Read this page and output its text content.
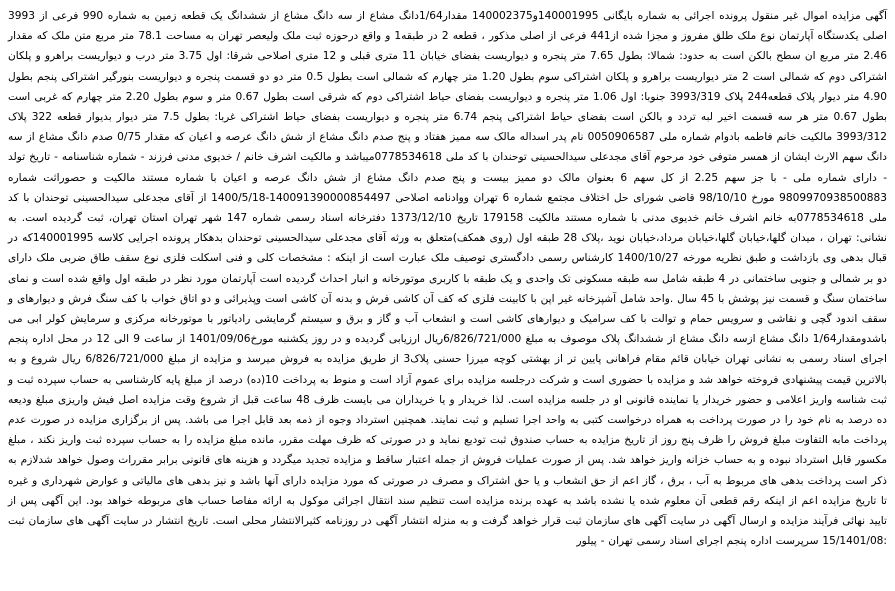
آگهی مزایده اموال غیر منقول پرونده اجرائی به شماره بایگانی 140001995و140002375 مقدار1/64دانگ مشاع از سه دانگ مشاع از ششدانگ یک قطعه زمین به شماره 990 فرعی از 3993 اصلی یکدستگاه آپارتمان نوع ملک طلق مفروز و مجزا شده از441 فرعی از اصلی مذکور ، قطعه 2 در طبقه1 و واقع درحوزه ثبت ملک ولیعصر تهران به مساحت 78.1 متر مربع متن ملک که مقدار 2.46 متر مربع ان سطح بالکن است به حدود: شمالا: بطول 7.65 متر پنجره و دیواریست بفضای خیابان 11 متری قبلی و 12 متری اصلاحی شرقا: اول 3.75 متر درب و دیواریست براهرو و پلکان اشتراکی دوم که شمالی است 2 متر دیواریست براهرو و پلکان اشتراکی سوم بطول 1.20 متر چهارم که شمالی است بطول 0.5 متر دو دو قسمت پنجره و دیواریست بنورگیر اشتراکی پنجم بطول 4.90 متر دیوار پلاک قطعه244 پلاک 3993/319 جنوبا: اول 1.06 متر پنجره و دیواریست بفضای حیاط اشتراکی دوم که شرقی است بطول 0.67 متر و سوم بطول 2.20 متر چهارم که غربی است بطول 0.67 متر هر سه قسمت اخیر لبه تردد و بالکن است بفضای حیاط اشتراکی پنجم 6.74 متر پنجره و دیواریست بفضای حیاط اشتراکی غربا: بطول 7.5 متر دیوار بدیوار قطعه 322 پلاک 3993/312 مالکیت خانم فاطمه بادوام شماره ملی 0050906587 نام پدر اسداله مالک سه ممیز هفتاد و پنج صدم دانگ مشاع از شش دانگ عرصه و اعیان که مقدار 0/75 صدم دانگ مشاع از سه دانگ سهم الارث ایشان از همسر متوفی خود مرحوم آقای مجدعلی سیدالحسینی توحندان با کد ملی 0778534618میباشد و مالکیت اشرف خانم / خدیوی مدنی فرزند - شماره شناسنامه - تاریخ تولد - دارای شماره ملی - با جز سهم 2.25 از کل سهم 6 بعنوان مالک دو ممیز بیست و پنج صدم دانگ مشاع از شش دانگ عرصه و اعیان با شماره مستند مالکیت و حصوراثت شماره 9809970938500883 مورخ 98/10/10 قاضی شورای حل اختلاف مجتمع شماره 6 تهران ووادنامه اصلاحی 140091390000854497-1400/5/18 از آقای مجدعلی سیدالحسینی توحندان با کد ملی 0778534618به خانم اشرف خانم خدیوی مدنی با شماره مستند مالکیت 179158 تاریخ 1373/12/10 دفترخانه اسناد رسمی شماره 147 شهر تهران استان تهران، ثبت گردیده است. به نشانی: تهران ، میدان گلها،خیابان گلها،خیابان مرداد،خیابان نوید ،پلاک 28 طبقه اول (روی همکف)متعلق به ورثه آقای مجدعلی سیدالحسینی توحندان بدهکار پرونده اجرایی کلاسه 140001995که در قبال بدهی وی بازداشت و طبق نظریه مورخه 1400/10/27 کارشناس رسمی دادگستری توصیف ملک عبارت است از اینکه : مشخصات کلی و فنی اسکلت فلزی نوع سقف طاق ضربی ملک دارای دو بر شمالی و جنوبی ساختمانی در 4 طبقه شامل سه طبقه مسکونی تک واحدی و یک طبقه با کاربری موتورخانه و انبار احداث گردیده است آپارتمان مورد نظر در طبقه اول واقع شده است و نمای ساختمان سنگ و قسمت نیز پوشش با 45 سال .واحد شامل آشپزخانه غیر اپن با کابینت فلزی که کف آن کاشی فرش و بدنه آن کاشی است وپذیرائی و دو اتاق خواب با کف سنگ فرش و دیوارهای و سقف اندود گچی و نقاشی و سرویس حمام و توالت با کف سرامیک و دیوارهای کاشی است و انشعاب آب و گاز و برق و سیستم گرمایشی رادیاتور با موتورخانه مرکزی و سرمایش کولر ابی می باشدومقدار1/64 دانگ مشاع ازسه دانگ مشاع از ششدانگ پلاک موصوف به مبلغ 6/826/721/000ریال ارزیابی گردیده و در روز یکشنبه مورخ1401/09/06 از ساعت 9 الی 12 در محل اداره پنجم اجرای اسناد رسمی به نشانی تهران خیابان قائم مقام فراهانی پایین تر از بهشتی کوچه میرزا حسنی پلاک3 از طریق مزایده به فروش میرسد و مزایده از مبلغ 6/826/721/000 ریال شروع و به بالاترین قیمت پیشنهادی فروخته خواهد شد و مزایده با حضوری است و شرکت درجلسه مزایده برای عموم آزاد است و منوط به پرداخت 10(ده) درصد از مبلغ پایه کارشناسی به حساب سپرده ثبت و ثبت شناسه واریز اعلامی و حضور خریدار یا نماینده قانونی او در جلسه مزایده است. لذا خریدار و یا خریداران می بایست ظرف 48 ساعت قبل از شروع وقت مزایده اصل فیش واریزی مبلغ ودیعه ده درصد به نام خود را در صورت پرداخت به همراه درخواست کتبی به واحد اجرا تسلیم و ثبت نمایند. همچنین استرداد وجوه از ذمه بعد قابل اجرا می باشد. پس از برگزاری مزایده در صورت عدم پرداخت مابه التفاوت مبلغ فروش را ظرف پنج روز از تاریخ مزایده به حساب صندوق ثبت تودیع نماید و در صورتی که ظرف مهلت مقرر، مانده مبلغ مزایده را به حساب سپرده ثبت واریز نکند ، مبلغ مکسور قابل استرداد نبوده و به حساب خزانه واریز خواهد شد. پس از صورت عملیات فروش از جمله اعتبار ساقط و مزایده تجدید میگردد و هزینه های قانونی برابر مقررات وصول خواهد شدلازم به ذکر است پرداخت بدهی های مربوط به آب ، برق ، گاز اعم از حق انشعاب و یا حق اشتراک و مصرف در صورتی که مورد مزایده دارای آنها باشد و نیز بدهی های مالیاتی و عوارض شهرداری و غیره تا تاریخ مزایده اعم از اینکه رقم قطعی آن معلوم شده یا نشده باشد به عهده برنده مزایده است تنظیم سند انتقال اجرائی موکول به ارائه مفاصا حساب های مربوطه خواهد بود. این آگهی پس از تایید نهائی فرآیند مزایده و ارسال آگهی در سایت آگهی های سازمان ثبت قرار خواهد گرفت و به منزله انتشار آگهی در روزنامه کثیرالانتشار محلی است. تاریخ انتشار در سایت آگهی های سازمان ثبت :15/1401/08 سرپرست اداره پنجم اجرای اسناد رسمی تهران - پیلور
